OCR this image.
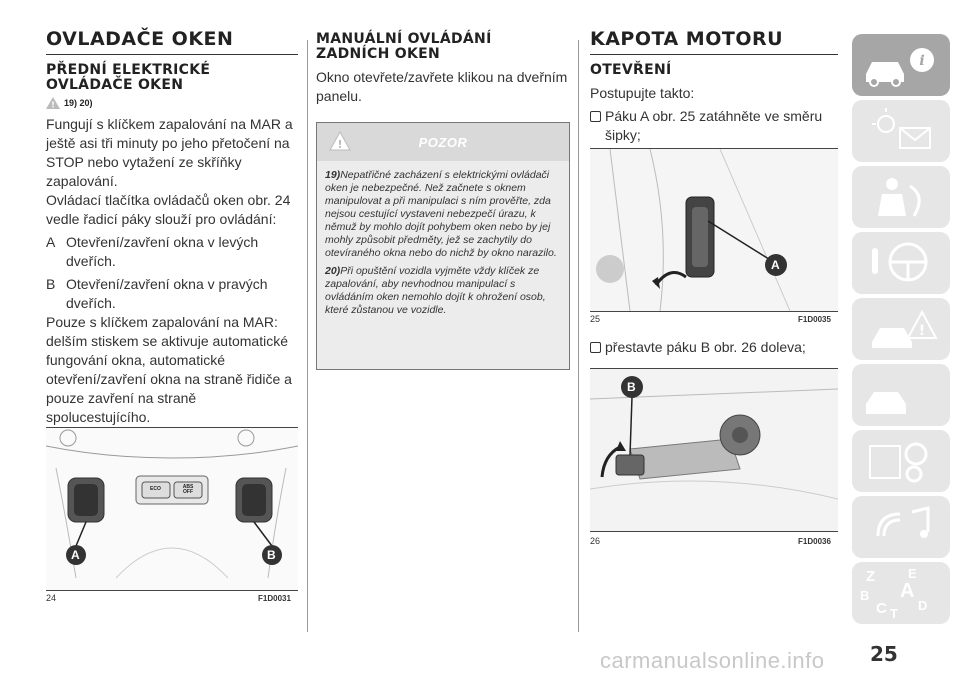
OVLADAČE OKEN
PŘEDNÍ ELEKTRICKÉ OVLÁDAČE OKEN
! 19) 20)

Fungují s klíčkem zapalování na MAR a ještě asi tři minuty po jeho přetočení na STOP nebo vytažení ze skříňky zapalování.

Ovládací tlačítka ovládačů oken obr. 24 vedle řadicí páky slouží pro ovládání:

A Otevření/zavření okna v levých dveřích.
B Otevření/zavření okna v pravých dveřích.

Pouze s klíčkem zapalování na MAR: delším stiskem se aktivuje automatické fungování okna, automatické otevření/zavření okna na straně řidiče a pouze zavření na straně spolucestujícího.

ECO	ABS OFF
A	B
24	F1D0031
MANUÁLNÍ OVLÁDÁNÍ ZADNÍCH OKEN

Okno otevřete/zavřete klikou na dveřním panelu.

!	POZOR

19)Nepatřičné zacházení s elektrickými ovládači oken je nebezpečné. Než začnete s oknem manipulovat a při manipulaci s ním prověřte, zda nejsou cestující vystaveni nebezpečí úrazu, k němuž by mohlo dojít pohybem oken nebo by jej mohly způsobit předměty, jež se zachytily do otevíraného okna nebo do nichž by okno narazilo.

20)Při opuštění vozidla vyjměte vždy klíček ze zapalování, aby nevhodnou manipulací s ovládáním oken nemohlo dojít k ohrožení osob, které zůstanou ve vozidle.

KAPOTA MOTORU
OTEVŘENÍ

Postupujte takto:

Páku A obr. 25 zatáhněte ve směru šipky;

A
25	F1D0035

přestavte páku B obr. 26 doleva;

B
26	F1D0036
i
!
Z	E
B A
C D
T
carmanualsonline.info 25
